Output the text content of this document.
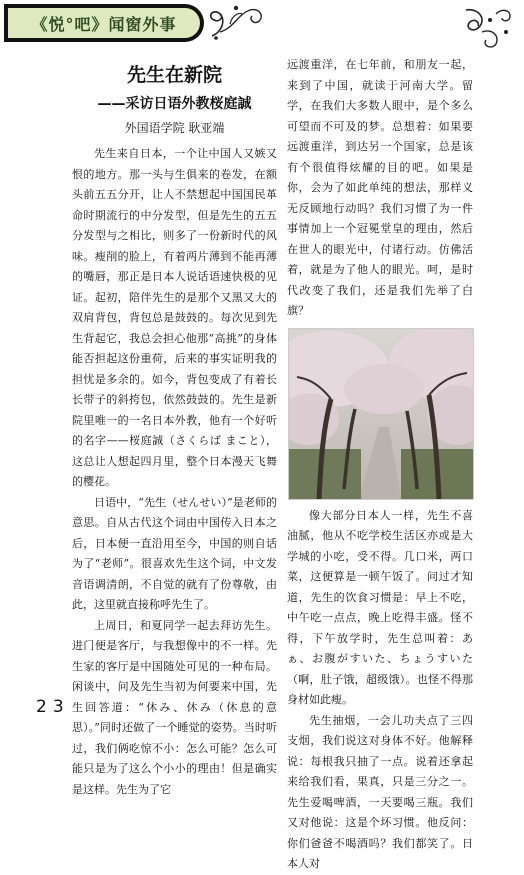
《悦°吧》闻窗外事
先生在新院
——采访日语外教桜庭誠
外国语学院 耿亚端

先生来自日本，一个让中国人又嫉又恨的地方。那一头与生俱来的卷发，在额头前五五分开，让人不禁想起中国国民革命时期流行的中分发型，但是先生的五五分发型与之相比，则多了一份新时代的风味。瘦削的脸上，有着两片薄到不能再薄的嘴唇，那正是日本人说话语速快极的见证。起初，陪伴先生的是那个又黑又大的双肩背包，背包总是鼓鼓的。每次见到先生背起它，我总会担心他那“高挑”的身体能否担起这份重荷，后来的事实证明我的担忧是多余的。如今，背包变成了有着长长带子的斜挎包，依然鼓鼓的。先生是新院里唯一的一名日本外教，他有一个好听的名字——桜庭誠（さくらば まこと），这总让人想起四月里，整个日本漫天飞舞的樱花。

日语中，“先生（せんせい）”是老师的意思。自从古代这个词由中国传入日本之后，日本便一直沿用至今，中国的则自话为了“老师”。很喜欢先生这个词，中文发音语调清朗，不自觉的就有了份尊敬，由此，这里就直接称呼先生了。

上周日，和夏同学一起去拜访先生。进门便是客厅，与我想像中的不一样。先生家的客厅是中国随处可见的一种布局。闲谈中，问及先生当初为何要来中国，先生回答道：“休み、休み（休息的意思）。”同时还做了一个睡觉的姿势。当时听过，我们俩吃惊不小：怎么可能？怎么可能只是为了这么个小小的理由！但是确实是这样。先生为了它

远渡重洋，在七年前，和朋友一起，来到了中国，就读于河南大学。留学，在我们大多数人眼中，是个多么可望而不可及的梦。总想着：如果要远渡重洋，到达另一个国家，总是该有个很值得炫耀的目的吧。如果是你，会为了如此单纯的想法，那样义无反顾地行动吗？我们习惯了为一件事情加上一个冠冕堂皇的理由，然后在世人的眼光中，付诸行动。仿佛活着，就是为了他人的眼光。呵，是时代改变了我们，还是我们先举了白旗？

像大部分日本人一样，先生不喜油腻，他从不吃学校生活区亦或是大学城的小吃，受不得。几口米，两口菜，这便算是一顿午饭了。问过才知道，先生的饮食习惯是：早上不吃，中午吃一点点，晚上吃得丰盛。怪不得，下午放学时，先生总叫着：あぁ、お腹がすいた、ちょうすいた（啊，肚子饿，超级饿）。也怪不得那身材如此瘦。

先生抽烟，一会儿功夫点了三四支烟，我们说这对身体不好。他解释说：每根我只抽了一点。说着还拿起来给我们看，果真，只是三分之一。先生爱喝啤酒，一天要喝三瓶。我们又对他说：这是个坏习惯。他反问：你们爸爸不喝酒吗？我们都笑了。日本人对

23
